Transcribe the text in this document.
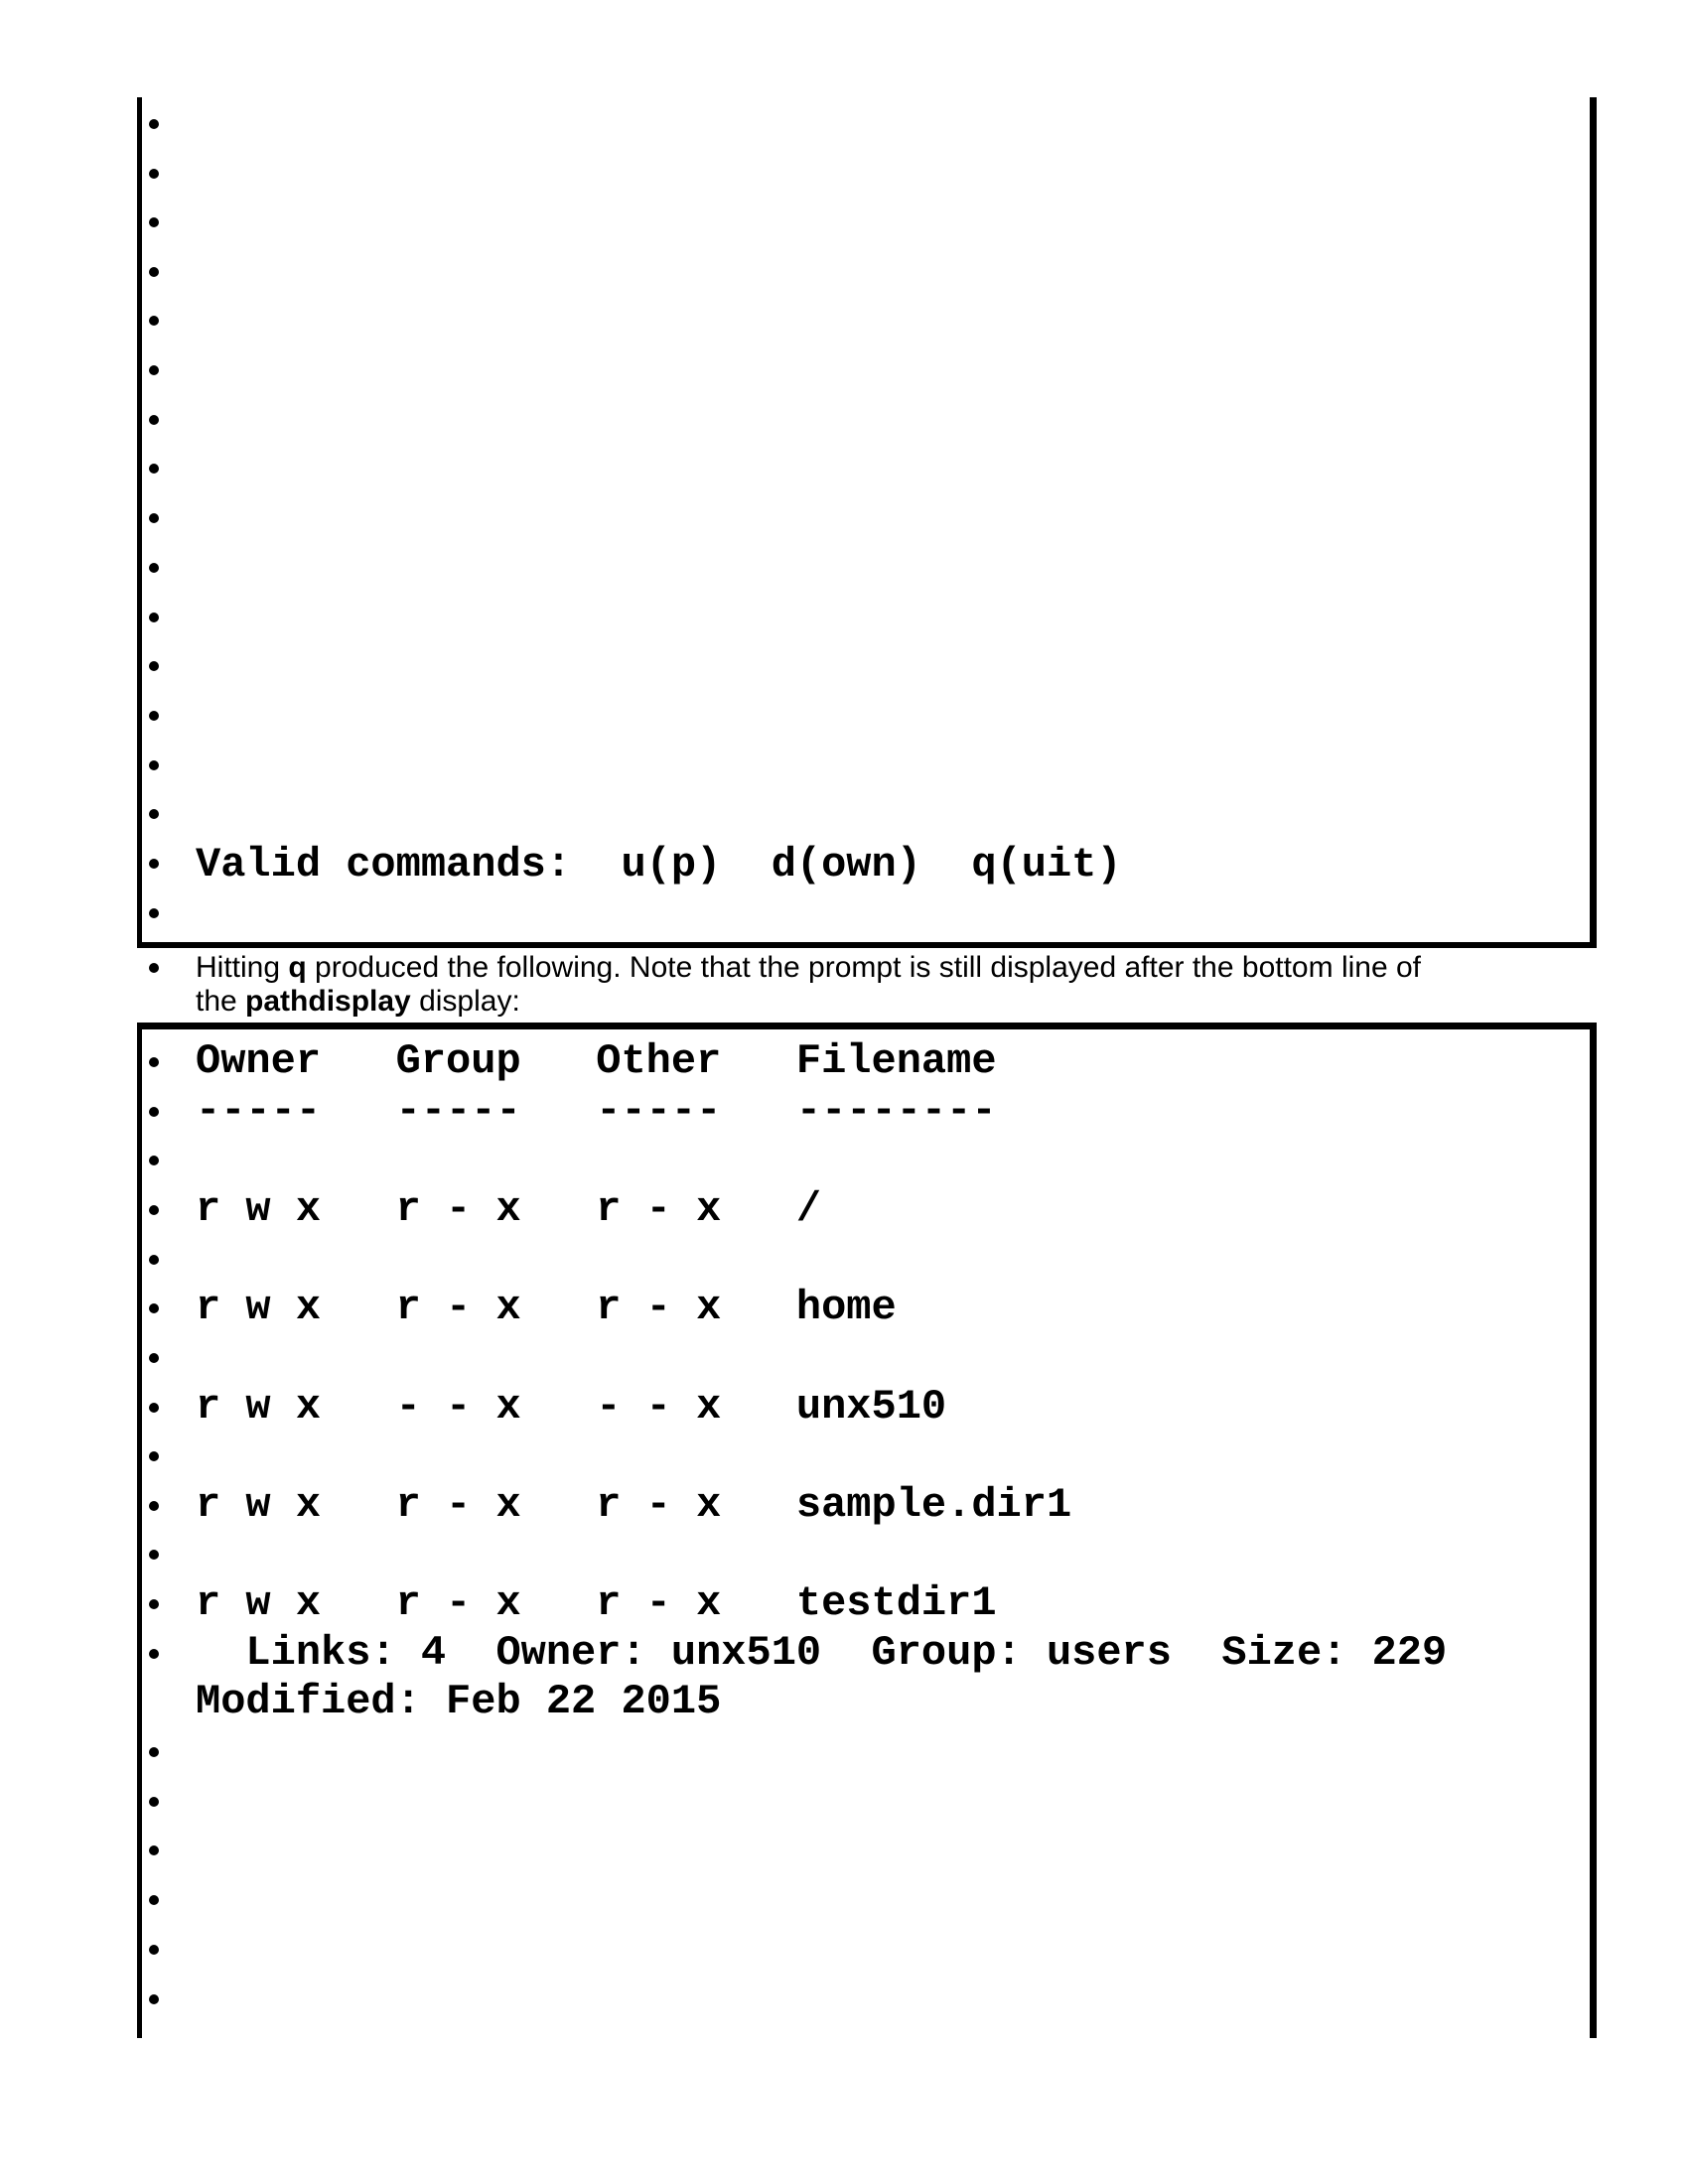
Valid commands:  u(p)  d(own)  q(uit)

Hitting q produced the following. Note that the prompt is still displayed after the bottom line of

the pathdisplay display:

Owner   Group   Other   Filename

-----   -----   -----   --------

r w x   r - x   r - x   /

r w x   r - x   r - x   home

r w x   - - x   - - x   unx510

r w x   r - x   r - x   sample.dir1

r w x   r - x   r - x   testdir1

Links: 4  Owner: unx510  Group: users  Size: 229

Modified: Feb 22 2015
